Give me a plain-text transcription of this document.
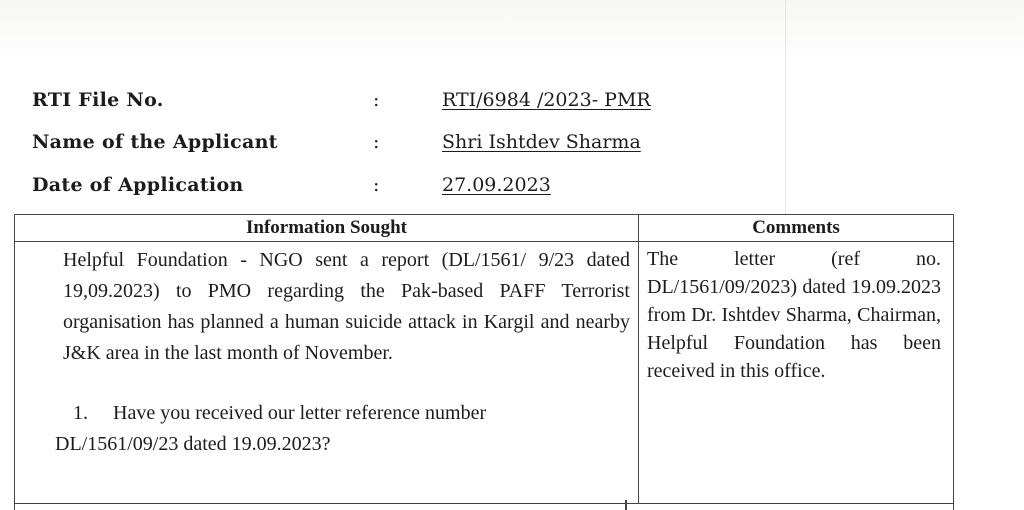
RTI File No.	:	RTI/6984 /2023- PMR
Name of the Applicant	:	Shri Ishtdev Sharma
Date of Application	:	27.09.2023
Information Sought	Comments

Helpful Foundation - NGO sent a report (DL/1561/ 9/23 dated 19,09.2023) to PMO regarding the Pak-based PAFF Terrorist organisation has planned a human suicide attack in Kargil and nearby J&K area in the last month of November.
1. Have you received our letter reference number
DL/1561/09/23 dated 19.09.2023?	The letter (ref no. DL/1561/09/2023) dated 19.09.2023 from Dr. Ishtdev Sharma, Chairman, Helpful Foundation has been received in this office.
